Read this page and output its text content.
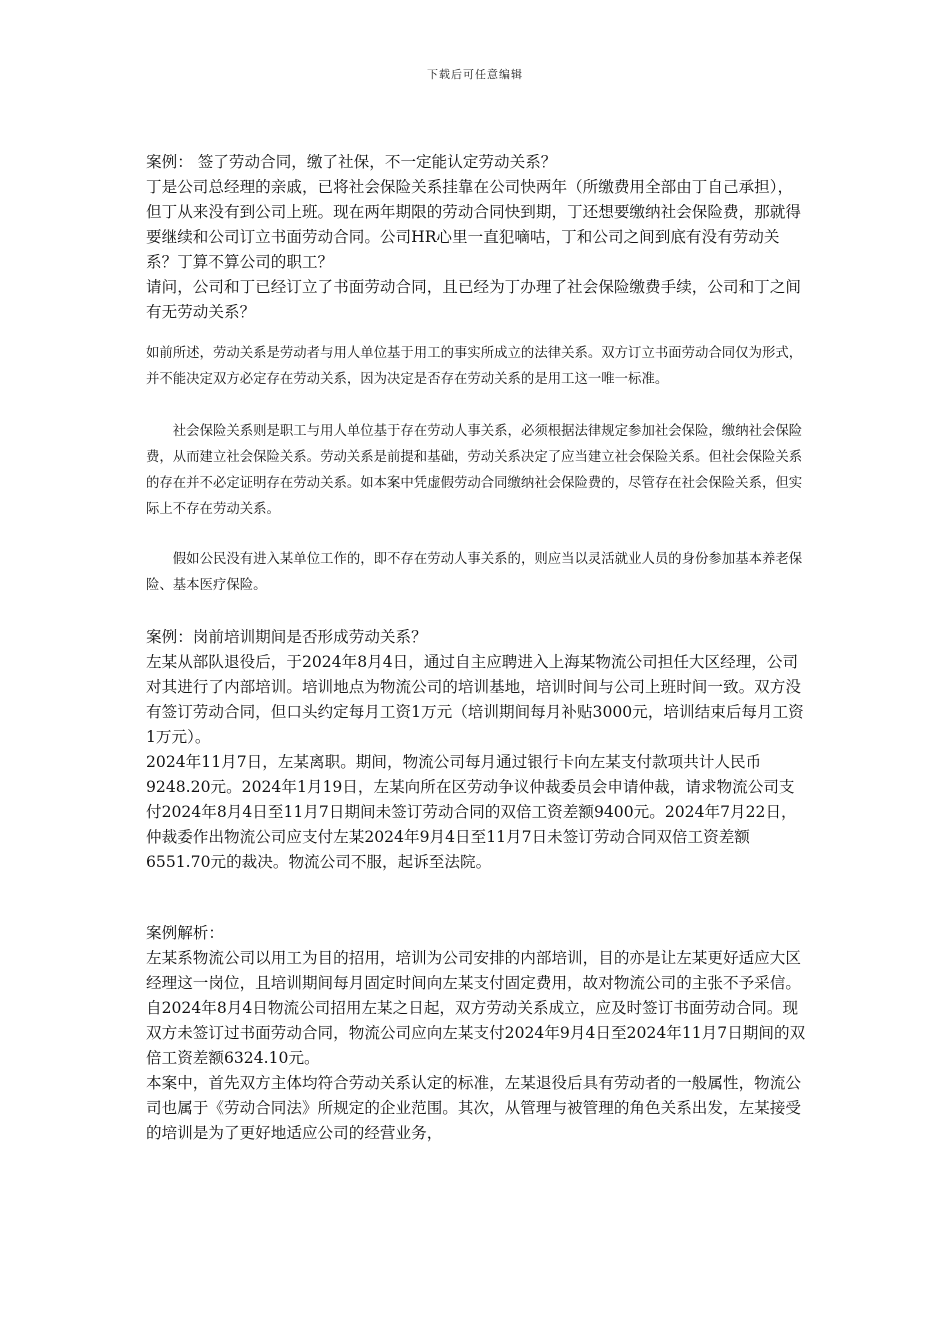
下载后可任意编辑

案例： 签了劳动合同，缴了社保，不一定能认定劳动关系？

丁是公司总经理的亲戚，已将社会保险关系挂靠在公司快两年（所缴费用全部由丁自己承担），但丁从来没有到公司上班。现在两年期限的劳动合同快到期，丁还想要缴纳社会保险费，那就得要继续和公司订立书面劳动合同。公司HR心里一直犯嘀咕，丁和公司之间到底有没有劳动关系？丁算不算公司的职工？

请问，公司和丁已经订立了书面劳动合同，且已经为丁办理了社会保险缴费手续，公司和丁之间有无劳动关系？

如前所述，劳动关系是劳动者与用人单位基于用工的事实所成立的法律关系。双方订立书面劳动合同仅为形式，并不能决定双方必定存在劳动关系，因为决定是否存在劳动关系的是用工这一唯一标准。

社会保险关系则是职工与用人单位基于存在劳动人事关系，必须根据法律规定参加社会保险，缴纳社会保险费，从而建立社会保险关系。劳动关系是前提和基础，劳动关系决定了应当建立社会保险关系。但社会保险关系的存在并不必定证明存在劳动关系。如本案中凭虚假劳动合同缴纳社会保险费的，尽管存在社会保险关系，但实际上不存在劳动关系。

假如公民没有进入某单位工作的，即不存在劳动人事关系的，则应当以灵活就业人员的身份参加基本养老保险、基本医疗保险。

案例：岗前培训期间是否形成劳动关系？

左某从部队退役后，于2024年8月4日，通过自主应聘进入上海某物流公司担任大区经理，公司对其进行了内部培训。培训地点为物流公司的培训基地，培训时间与公司上班时间一致。双方没有签订劳动合同，但口头约定每月工资1万元（培训期间每月补贴3000元，培训结束后每月工资1万元）。

2024年11月7日，左某离职。期间，物流公司每月通过银行卡向左某支付款项共计人民币9248.20元。2024年1月19日，左某向所在区劳动争议仲裁委员会申请仲裁，请求物流公司支付2024年8月4日至11月7日期间未签订劳动合同的双倍工资差额9400元。2024年7月22日，仲裁委作出物流公司应支付左某2024年9月4日至11月7日未签订劳动合同双倍工资差额6551.70元的裁决。物流公司不服，起诉至法院。

案例解析：

左某系物流公司以用工为目的招用，培训为公司安排的内部培训，目的亦是让左某更好适应大区经理这一岗位，且培训期间每月固定时间向左某支付固定费用，故对物流公司的主张不予采信。自2024年8月4日物流公司招用左某之日起，双方劳动关系成立，应及时签订书面劳动合同。现双方未签订过书面劳动合同，物流公司应向左某支付2024年9月4日至2024年11月7日期间的双倍工资差额6324.10元。

本案中，首先双方主体均符合劳动关系认定的标准，左某退役后具有劳动者的一般属性，物流公司也属于《劳动合同法》所规定的企业范围。其次，从管理与被管理的角色关系出发，左某接受的培训是为了更好地适应公司的经营业务，
